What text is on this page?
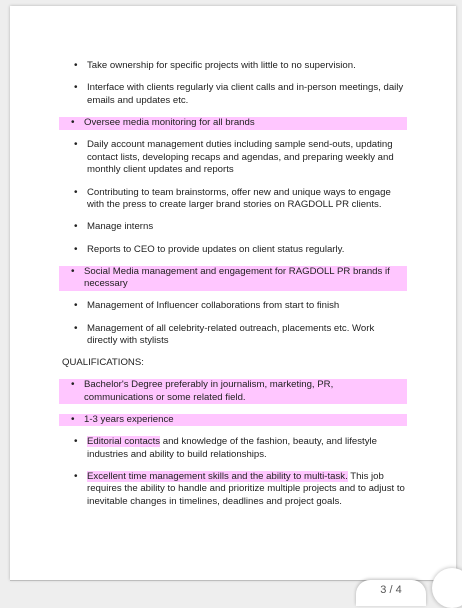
• Take ownership for specific projects with little to no supervision.
• Interface with clients regularly via client calls and in-person meetings, daily emails and updates etc.
• Oversee media monitoring for all brands
• Daily account management duties including sample send-outs, updating contact lists, developing recaps and agendas, and preparing weekly and monthly client updates and reports
• Contributing to team brainstorms, offer new and unique ways to engage with the press to create larger brand stories on RAGDOLL PR clients.
• Manage interns
• Reports to CEO to provide updates on client status regularly.
• Social Media management and engagement for RAGDOLL PR brands if necessary
• Management of Influencer collaborations from start to finish
• Management of all celebrity-related outreach, placements etc. Work directly with stylists
QUALIFICATIONS:
• Bachelor's Degree preferably in journalism, marketing, PR, communications or some related field.
• 1-3 years experience
• Editorial contacts and knowledge of the fashion, beauty, and lifestyle industries and ability to build relationships.
• Excellent time management skills and the ability to multi-task. This job requires the ability to handle and prioritize multiple projects and to adjust to inevitable changes in timelines, deadlines and project goals.
3 / 4
